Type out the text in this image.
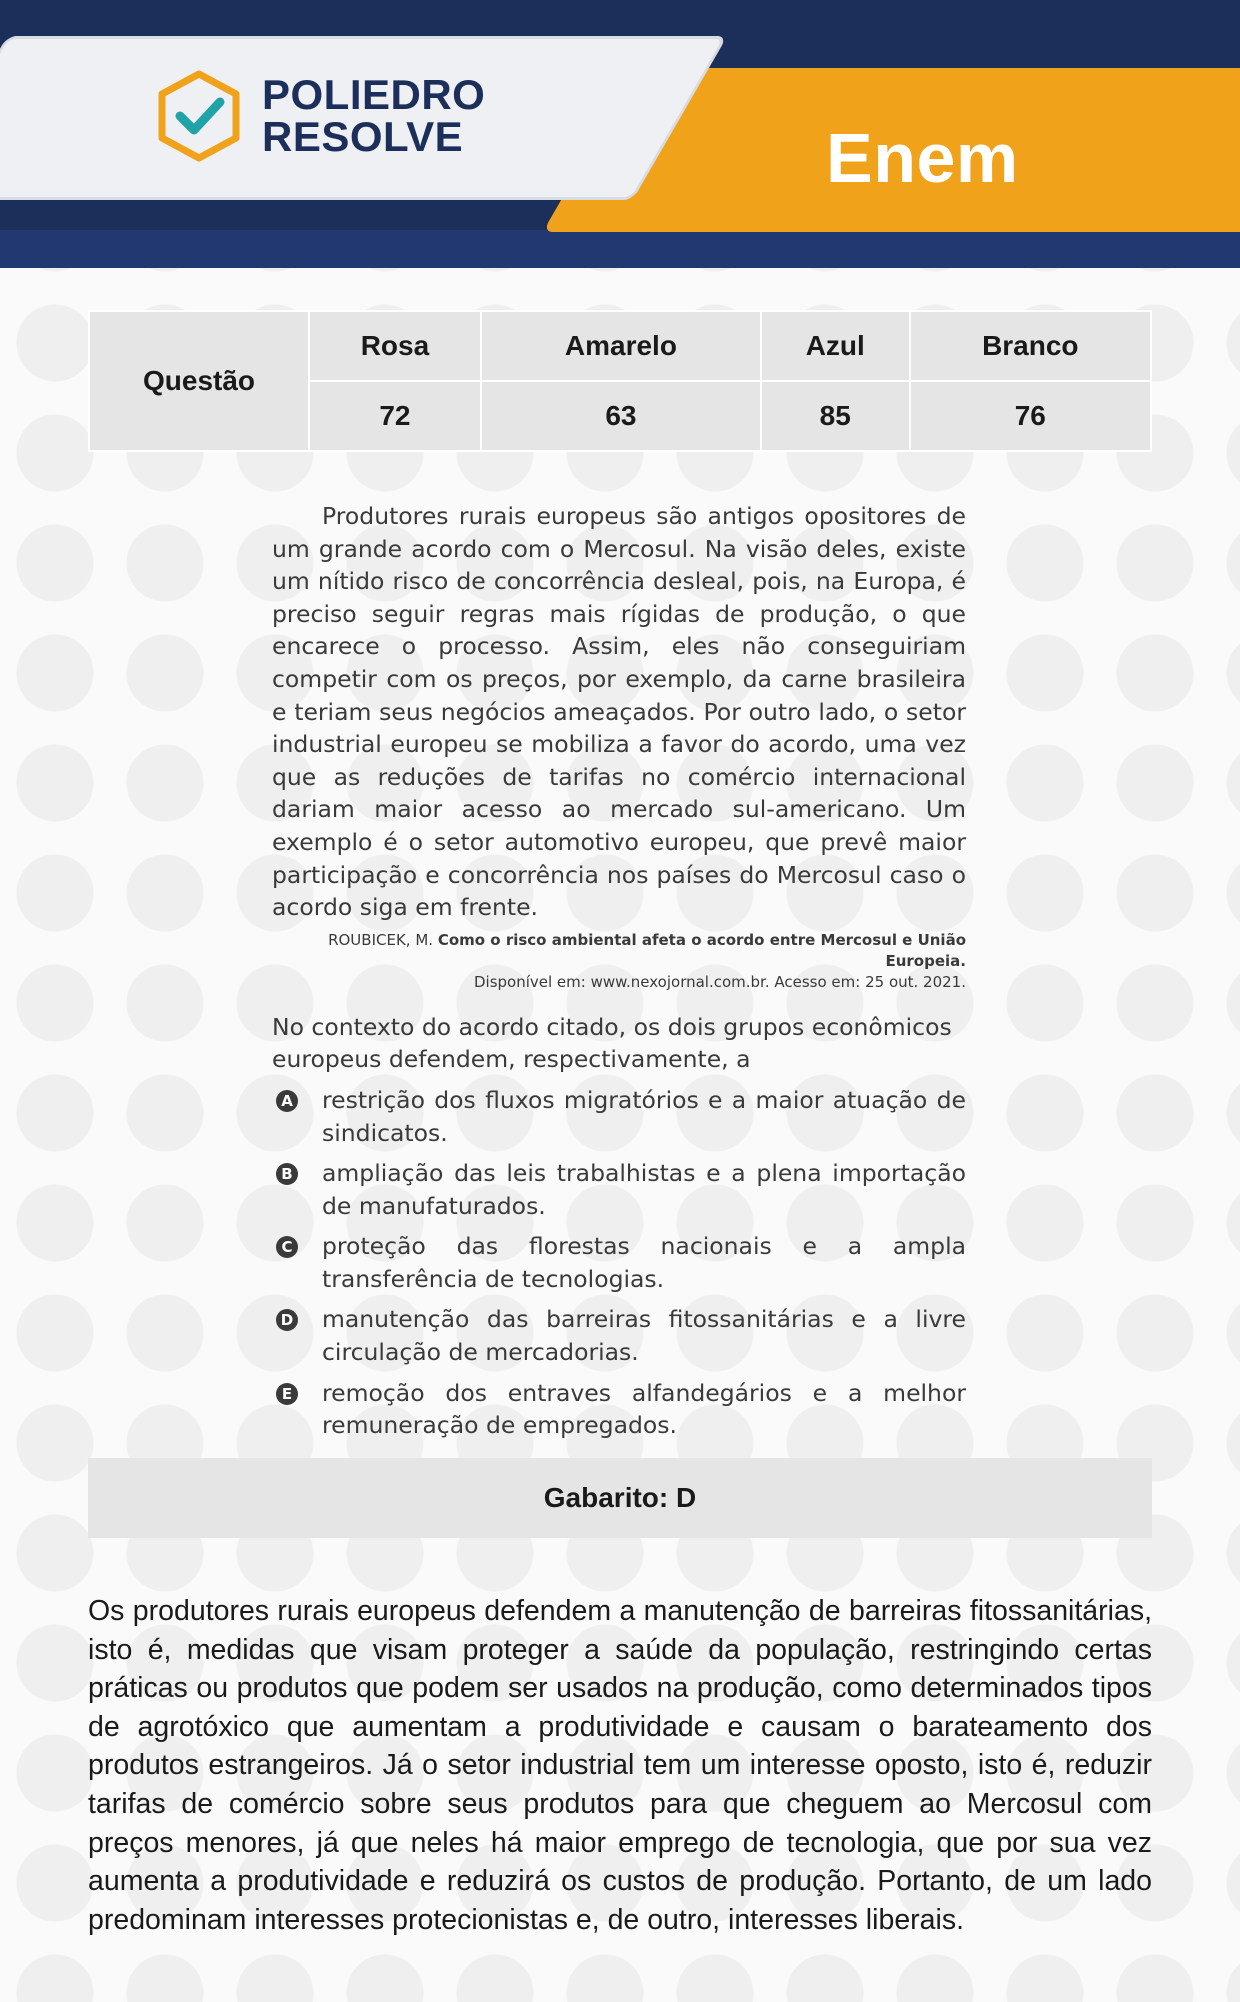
POLIEDRO
RESOLVE	Enem
Questão	Rosa	Amarelo	Azul	Branco
	72	63	85	76

Produtores rurais europeus são antigos opositores de um grande acordo com o Mercosul. Na visão deles, existe um nítido risco de concorrência desleal, pois, na Europa, é preciso seguir regras mais rígidas de produção, o que encarece o processo. Assim, eles não conseguiriam competir com os preços, por exemplo, da carne brasileira e teriam seus negócios ameaçados. Por outro lado, o setor industrial europeu se mobiliza a favor do acordo, uma vez que as reduções de tarifas no comércio internacional dariam maior acesso ao mercado sul-americano. Um exemplo é o setor automotivo europeu, que prevê maior participação e concorrência nos países do Mercosul caso o acordo siga em frente.

ROUBICEK, M. Como o risco ambiental afeta o acordo entre Mercosul e União Europeia.
Disponível em: www.nexojornal.com.br. Acesso em: 25 out. 2021.

No contexto do acordo citado, os dois grupos econômicos europeus defendem, respectivamente, a

A restrição dos fluxos migratórios e a maior atuação de sindicatos.
B ampliação das leis trabalhistas e a plena importação de manufaturados.
C proteção das florestas nacionais e a ampla transferência de tecnologias.
D manutenção das barreiras fitossanitárias e a livre circulação de mercadorias.
E remoção dos entraves alfandegários e a melhor remuneração de empregados.
Gabarito: D

Os produtores rurais europeus defendem a manutenção de barreiras fitossanitárias, isto é, medidas que visam proteger a saúde da população, restringindo certas práticas ou produtos que podem ser usados na produção, como determinados tipos de agrotóxico que aumentam a produtividade e causam o barateamento dos produtos estrangeiros. Já o setor industrial tem um interesse oposto, isto é, reduzir tarifas de comércio sobre seus produtos para que cheguem ao Mercosul com preços menores, já que neles há maior emprego de tecnologia, que por sua vez aumenta a produtividade e reduzirá os custos de produção. Portanto, de um lado predominam interesses protecionistas e, de outro, interesses liberais.
